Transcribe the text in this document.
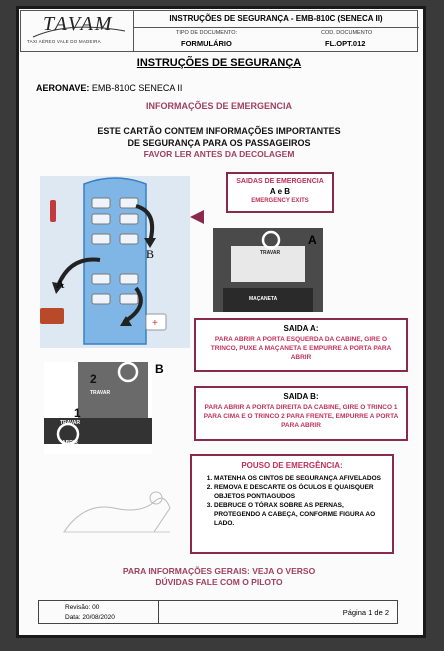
TAVAM
TAXI AÉREO VALE DO MADEIRA
INSTRUÇÕES DE SEGURANÇA - EMB-810C (SENECA II)
TIPO DE DOCUMENTO:
FORMULÁRIO
COD. DOCUMENTO
FL.OPT.012
INSTRUÇÕES DE SEGURANÇA
AERONAVE: EMB-810C SENECA II
INFORMAÇÕES DE EMERGENCIA
ESTE CARTÃO CONTEM INFORMAÇÕES IMPORTANTES
DE SEGURANÇA PARA OS PASSAGEIROS
FAVOR LER ANTES DA DECOLAGEM
+
A
B
SAIDAS DE EMERGENCIA
A e B
EMERGENCY EXITS
TRAVAR
MAÇANETA
A
SAIDA A:
PARA ABRIR A PORTA ESQUERDA DA CABINE, GIRE O TRINCO, PUXE A MAÇANETA E EMPURRE A PORTA PARA ABRIR
TRAVAR
TRAVAR
ABRIR
2
1
B
SAIDA B:
PARA ABRIR A PORTA DIREITA DA CABINE, GIRE O TRINCO 1 PARA CIMA E O TRINCO 2 PARA FRENTE, EMPURRE A PORTA PARA ABRIR
POUSO DE EMERGÊNCIA:
1. MATENHA OS CINTOS DE SEGURANÇA AFIVELADOS
2. REMOVA E DESCARTE OS ÓCULOS E QUAISQUER OBJETOS PONTIAGUDOS
3. DEBRUCE O TÓRAX SOBRE AS PERNAS, PROTEGENDO A CABEÇA, CONFORME FIGURA AO LADO.
PARA INFORMAÇÕES GERAIS: VEJA O VERSO
DÚVIDAS FALE COM O PILOTO
Revisão: 00
Data: 20/08/2020
Página 1 de 2
